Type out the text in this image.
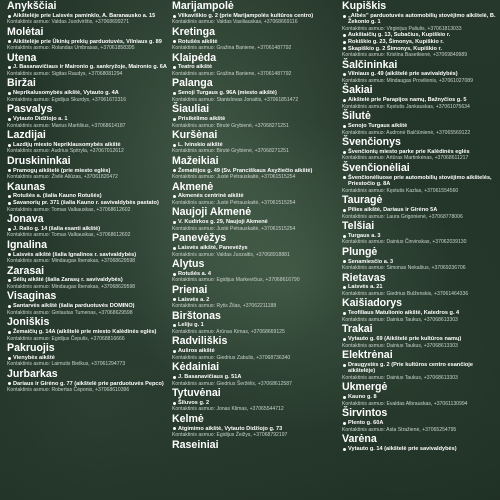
Anykščiai
Aikštelėje prie Laisvės paminklo, A. Baranausko a. 15
Kontaktinis asmuo: Valdas Juodvirštis, +37068699271
Molėtai
Aikštelėje prie Ūkinių prekių parduotuvės, Vilniaus g. 89
Kontaktinis asmuo: Rolandas Umbrasas, +37061858395
Utena
J. Basanavičiaus ir Maironio g. sankryžoje, Maironio g. 6A
Kontaktinis asmuo: Sigitas Raudys, +37068081294
Biržai
Neprikalusomybės aikštė, Vytauto g. 4A
Kontaktinis asmuo: Egidijus Skurdys, +37061672316
Pasvalys
Vytauto Didžiojo a. 1
Kontaktinis asmuo: Marius Martišius, +37068614187
Lazdijai
Lazdijų miesto Nepriklausomybės aikštė
Kontaktinis asmuo: Audrius Spitryla, +37067012612
Druskininkai
Pramogų aikštelė (prie miesto eglės)
Kontaktinis asmuo: Živilė Aliūzas, +37061820472
Kaunas
Rotušės a. (šalia Kauno Rotušės)
Savanorių pr. 371 (šalia Kauno r. savivaldybės pastato)
Kontaktinis asmuo: Tomas Valkauskas, +37068612602
Jonava
J. Ralio g. 14 (šalia esanti aikštė)
Kontaktinis asmuo: Tomas Valkauskas, +37068612602
Ignalina
Laisvės aikštė (šalia Ignalinos r. savivaldybės)
Kontaktinis asmuo: Mindaugas Ibenskas, +37068629598
Zarasai
Sėlių aikštė (šalia Zarasų r. savivaldybės)
Kontaktinis asmuo: Mindaugas Ibenskas, +37068629598
Visaginas
Santarvės aikštė (šalia parduotuvės DOMINO)
Kontaktinis asmuo: Gintautas Tumenas, +37068629598
Joniškis
Žemaičių g. 14A (aikštelė prie miesto Kalėdinės eglės)
Kontaktinis asmuo: Egidijus Čepulis, +37068816666
Pakruojis
Vienybės aikštė
Kontaktinis asmuo: Laimutis Bielkus, +37061294773
Jurbarkas
Dariaus ir Girėno g. 77 (aikštelė prie parduotuvės Pepco)
Kontaktinis asmuo: Robertas Čėponis, +37068610396
Marijampolė
Vilkaviškio g. 2 (prie Marijampolės kultūros centro)
Kontaktinis asmuo: Valdas Vasiliauskas, +37068669116
Kretinga
Rotušės aikštė
Kontaktinis asmuo: Gražina Baniene, +37061487792
Klaipėda
Teatro aikštė
Kontaktinis asmuo: Gražina Baniene, +37061487792
Palanga
Senoji Turgaus g. 96A (miesto aikštė)
Kontaktinis asmuo: Stanislovas Jonaitis, +37061851472
Šiauliai
Prisikėlimo aikštė
Kontaktinis asmuo: Birutė Grybienė, +37068271251
Kuršėnai
L. Ivinskio aikštė
Kontaktinis asmuo: Birutė Grybienė, +37068271251
Mažeikiai
Žemaitijos g. 49 (Sv. Pranciškaus Asyžiečio aikštė)
Kontaktinis asmuo: Justė Petrauskaitė, +37061515254
Akmenė
Akmenės centrinė aikštė
Kontaktinis asmuo: Justė Petrauskaitė, +37061515254
Naujoji Akmenė
V. Kudirkos g. 29, Naujoji Akmenė
Kontaktinis asmuo: Justė Petrauskaitė, +37061515254
Panevėžys
Laisvės aikštė, Panevėžys
Kontaktinis asmuo: Valdas Juozaitis, +37068918881
Alytus
Rotušės a. 4
Kontaktinis asmuo: Egidijus Markevičius, +37068616790
Prienai
Laisvės a. 2
Kontaktinis asmuo: Rytis Žilas, +37062211188
Birštonas
Leliju g. 1
Kontaktinis asmuo: Arūnas Kimas, +37068669125
Radviliškis
Aušros aikštė
Kontaktinis asmuo: Giedrius Zabulis, +37068736340
Kėdainiai
J. Basanavičiaus g. 51A
Kontaktinis asmuo: Giedrius Šeržėlis, +37068612587
Tytuvėnai
Šiluvos g. 2
Kontaktinis asmuo: Jonas Klimas, +37065544712
Kelmė
Atgimimo aikštė, Vytauto Didžiojo g. 73
Kontaktinis asmuo: Egidijus Žeižys, +37068792197
Raseiniai
Kupiškis
„Albės" parduotuvės automobilių stovėjimo aikštelė, B. Žekonio g. 1
Kontaktinis asmuo: Virginijus Paliulis, +37061813033
Aukštaičių g. 13, Subačius, Kupiškio r.
Rokiškio g. 23, Šimonys, Kupiškio r.
Skapiškio g. 2 Šimonys, Kupiškio r.
Kontaktinis asmuo: Kristina Basetkienė, +37069849989
Šalčininkai
Vilniaus g. 49 (aikštelė prie savivaldybės)
Kontaktinis asmuo: Mindaugas Provilionis, +37061027089
Šakiai
Aikštelė prie Parapijos namų, Bažnyčios g. 5
Kontaktinis asmuo: Kęstutis Jankauskas, +37061075634
Šilutė
Senojo Turgaus aikštė
Kontaktinis asmuo: Audronė Balčiūnienė, +37065569122
Švenčionys
Švenčionių miesto parke prie Kalėdinės eglės
Kontaktinis asmuo: Artūras Martinkėnas, +37068611217
Švenčionėliai
Švenčionėliuose prie automobilių stovėjimo aikštelės, Priestočio g. 8A
Kontaktinis asmuo: Kęstutis Kazlas, +37061554560
Tauragė
Pilies aikštė, Dariaus ir Girėno 5A
Kontaktinis asmuo: Laura Grigonienė, +37068778006
Telšiai
Turgaus a. 3
Kontaktinis asmuo: Dainius Činvinskas, +37062039130
Plungė
Senamiesčio a. 3
Kontaktinis asmuo: Simonas Nekašius, +37069236706
Rietavas
Laisvės a. 21
Kontaktinis asmuo: Giedrius Bulženskis, +37061464336
Kaišiadorys
Teofiliaus Matulionio aikštė, Katedros g. 4
Kontaktinis asmuo: Dainius Taukus, +37068613303
Trakai
Vytauto g. 69 (Aikštelė prie kultūros namų)
Kontaktinis asmuo: Dainius Taukus, +37068613303
Elektrėnai
Draugystės g. 2 (Prie kultūros centro esančioje aikštelėje)
Kontaktinis asmuo: Dainius Taukus, +37068613303
Ukmergė
Kauno g. 8
Kontaktinis asmuo: Evaldas Albrauskas, +37061130994
Širvintos
Plento g. 60A
Kontaktinis asmuo: Asta Stražienė, +37065254795
Varėna
Vytauto g. 14 (aikštelė prie savivaldybės)
